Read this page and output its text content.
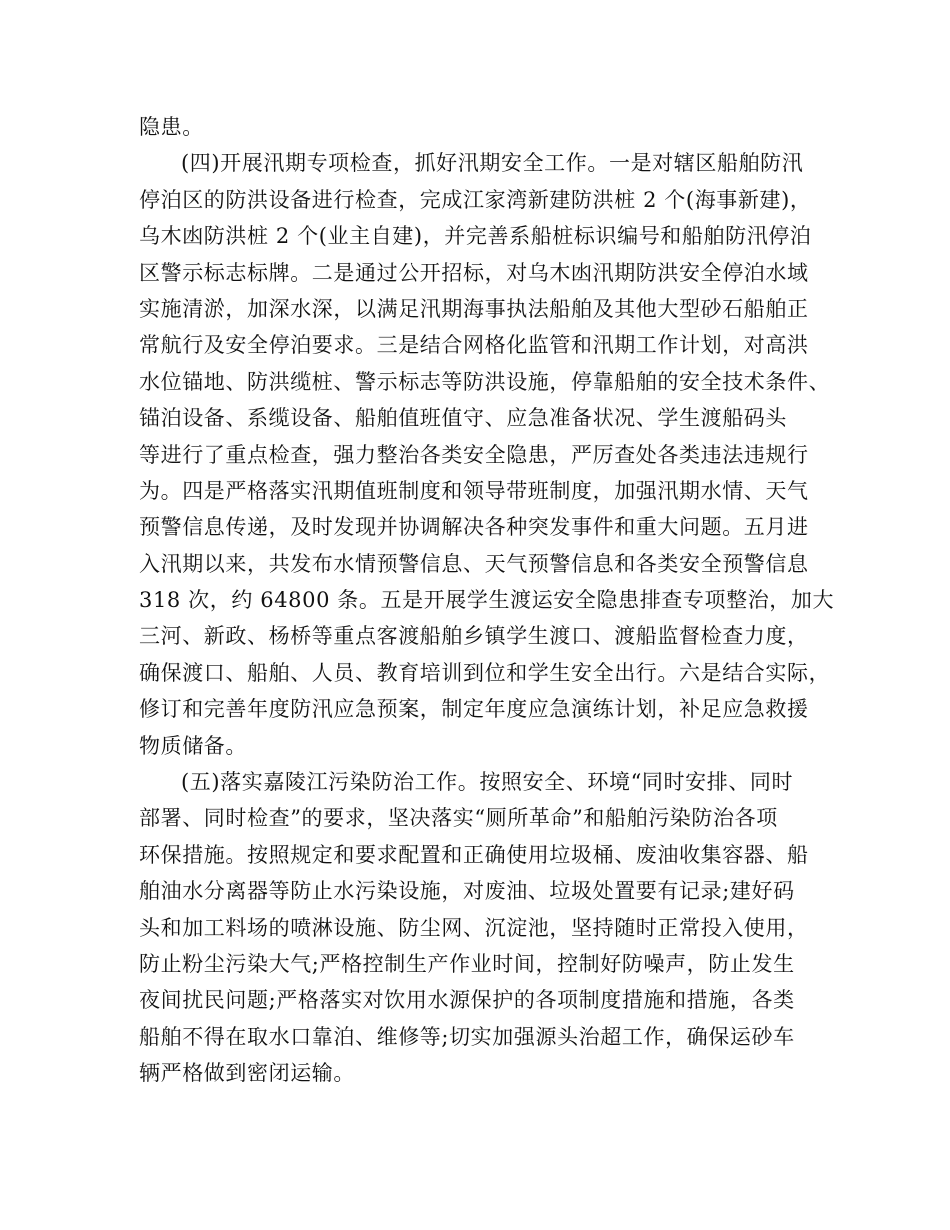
隐患。
(四)开展汛期专项检查，抓好汛期安全工作。一是对辖区船舶防汛
停泊区的防洪设备进行检查，完成江家湾新建防洪桩 2 个(海事新建)，
乌木凼防洪桩 2 个(业主自建)，并完善系船桩标识编号和船舶防汛停泊
区警示标志标牌。二是通过公开招标，对乌木凼汛期防洪安全停泊水域
实施清淤，加深水深，以满足汛期海事执法船舶及其他大型砂石船舶正
常航行及安全停泊要求。三是结合网格化监管和汛期工作计划，对高洪
水位锚地、防洪缆桩、警示标志等防洪设施，停靠船舶的安全技术条件、
锚泊设备、系缆设备、船舶值班值守、应急准备状况、学生渡船码头
等进行了重点检查，强力整治各类安全隐患，严厉查处各类违法违规行
为。四是严格落实汛期值班制度和领导带班制度，加强汛期水情、天气
预警信息传递，及时发现并协调解决各种突发事件和重大问题。五月进
入汛期以来，共发布水情预警信息、天气预警信息和各类安全预警信息
318 次，约 64800 条。五是开展学生渡运安全隐患排查专项整治，加大
三河、新政、杨桥等重点客渡船舶乡镇学生渡口、渡船监督检查力度，
确保渡口、船舶、人员、教育培训到位和学生安全出行。六是结合实际，
修订和完善年度防汛应急预案，制定年度应急演练计划，补足应急救援
物质储备。
(五)落实嘉陵江污染防治工作。按照安全、环境“同时安排、同时
部署、同时检查”的要求，坚决落实“厕所革命”和船舶污染防治各项
环保措施。按照规定和要求配置和正确使用垃圾桶、废油收集容器、船
舶油水分离器等防止水污染设施，对废油、垃圾处置要有记录;建好码
头和加工料场的喷淋设施、防尘网、沉淀池，坚持随时正常投入使用，
防止粉尘污染大气;严格控制生产作业时间，控制好防噪声，防止发生
夜间扰民问题;严格落实对饮用水源保护的各项制度措施和措施，各类
船舶不得在取水口靠泊、维修等;切实加强源头治超工作，确保运砂车
辆严格做到密闭运输。
